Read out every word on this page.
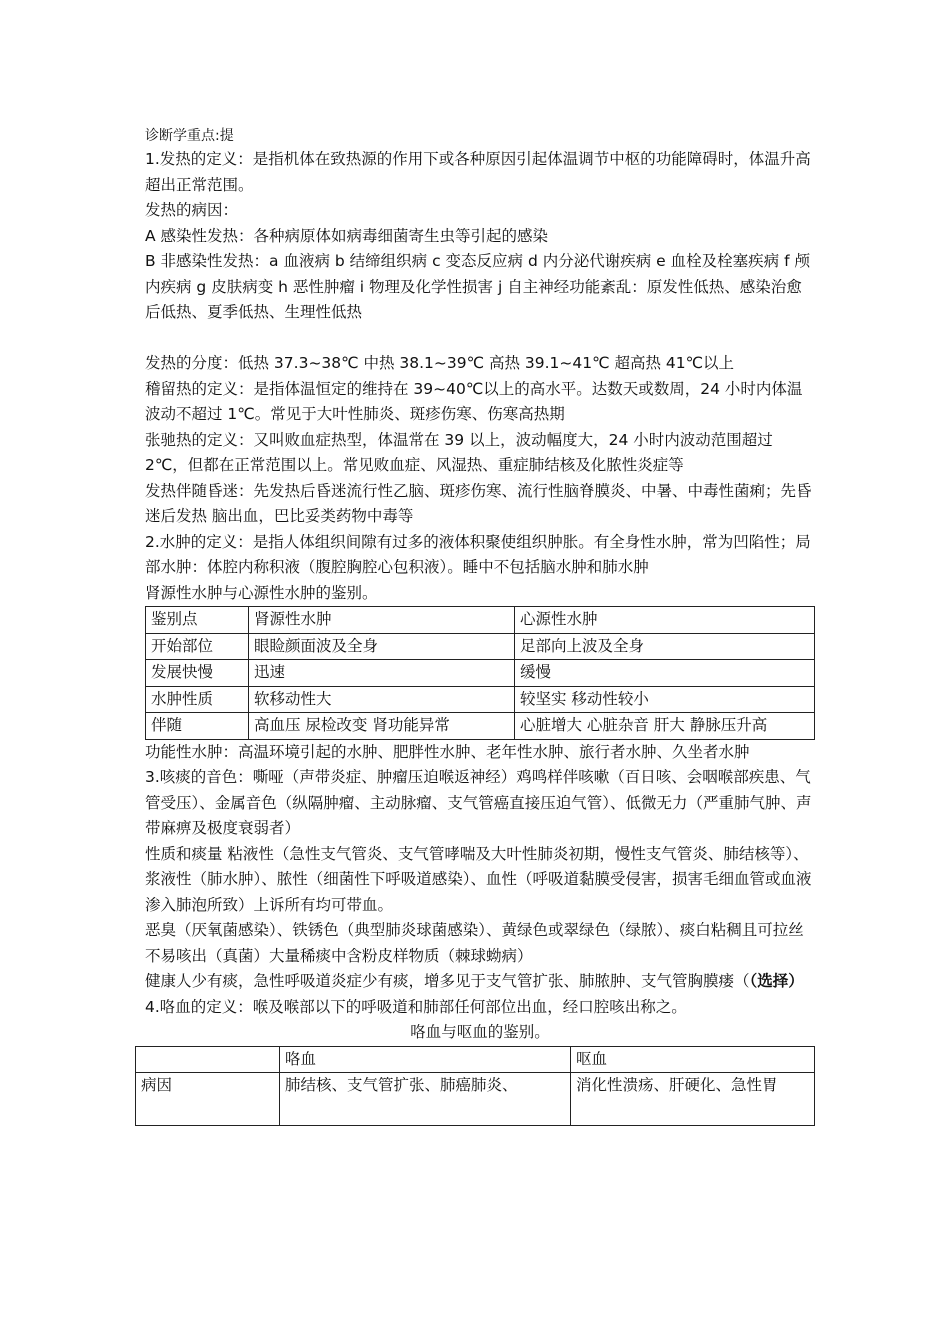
诊断学重点:提

1.发热的定义：是指机体在致热源的作用下或各种原因引起体温调节中枢的功能障碍时，体温升高超出正常范围。

发热的病因：

A 感染性发热：各种病原体如病毒细菌寄生虫等引起的感染

B 非感染性发热：a 血液病 b 结缔组织病 c 变态反应病 d 内分泌代谢疾病 e 血栓及栓塞疾病 f 颅内疾病 g 皮肤病变 h 恶性肿瘤 i 物理及化学性损害 j 自主神经功能紊乱：原发性低热、感染治愈后低热、夏季低热、生理性低热

发热的分度：低热 37.3~38℃ 中热 38.1~39℃ 高热 39.1~41℃ 超高热 41℃以上

稽留热的定义：是指体温恒定的维持在 39~40℃以上的高水平。达数天或数周，24 小时内体温波动不超过 1℃。常见于大叶性肺炎、斑疹伤寒、伤寒高热期

张驰热的定义：又叫败血症热型，体温常在 39 以上，波动幅度大，24 小时内波动范围超过 2℃，但都在正常范围以上。常见败血症、风湿热、重症肺结核及化脓性炎症等

发热伴随昏迷：先发热后昏迷流行性乙脑、斑疹伤寒、流行性脑脊膜炎、中暑、中毒性菌痢；先昏迷后发热 脑出血，巴比妥类药物中毒等

2.水肿的定义：是指人体组织间隙有过多的液体积聚使组织肿胀。有全身性水肿，常为凹陷性；局部水肿：体腔内称积液（腹腔胸腔心包积液）。睡中不包括脑水肿和肺水肿

肾源性水肿与心源性水肿的鉴别。

鉴别点	肾源性水肿	心源性水肿
开始部位	眼睑颜面波及全身	足部向上波及全身
发展快慢	迅速	缓慢
水肿性质	软移动性大	较坚实 移动性较小
伴随	高血压 尿检改变 肾功能异常	心脏增大 心脏杂音 肝大 静脉压升高

功能性水肿：高温环境引起的水肿、肥胖性水肿、老年性水肿、旅行者水肿、久坐者水肿

3.咳痰的音色：嘶哑（声带炎症、肿瘤压迫喉返神经）鸡鸣样伴咳嗽（百日咳、会咽喉部疾患、气管受压）、金属音色（纵隔肿瘤、主动脉瘤、支气管癌直接压迫气管）、低微无力（严重肺气肿、声带麻痹及极度衰弱者）

性质和痰量 粘液性（急性支气管炎、支气管哮喘及大叶性肺炎初期，慢性支气管炎、肺结核等）、浆液性（肺水肿）、脓性（细菌性下呼吸道感染）、血性（呼吸道黏膜受侵害，损害毛细血管或血液渗入肺泡所致）上诉所有均可带血。

恶臭（厌氧菌感染）、铁锈色（典型肺炎球菌感染）、黄绿色或翠绿色（绿脓）、痰白粘稠且可拉丝不易咳出（真菌）大量稀痰中含粉皮样物质（棘球蚴病）

健康人少有痰，急性呼吸道炎症少有痰，增多见于支气管扩张、肺脓肿、支气管胸膜瘘（（选择）

4.咯血的定义：喉及喉部以下的呼吸道和肺部任何部位出血，经口腔咳出称之。

咯血与呕血的鉴别。

	咯血	呕血
病因	肺结核、支气管扩张、肺癌肺炎、	消化性溃疡、肝硬化、急性胃
